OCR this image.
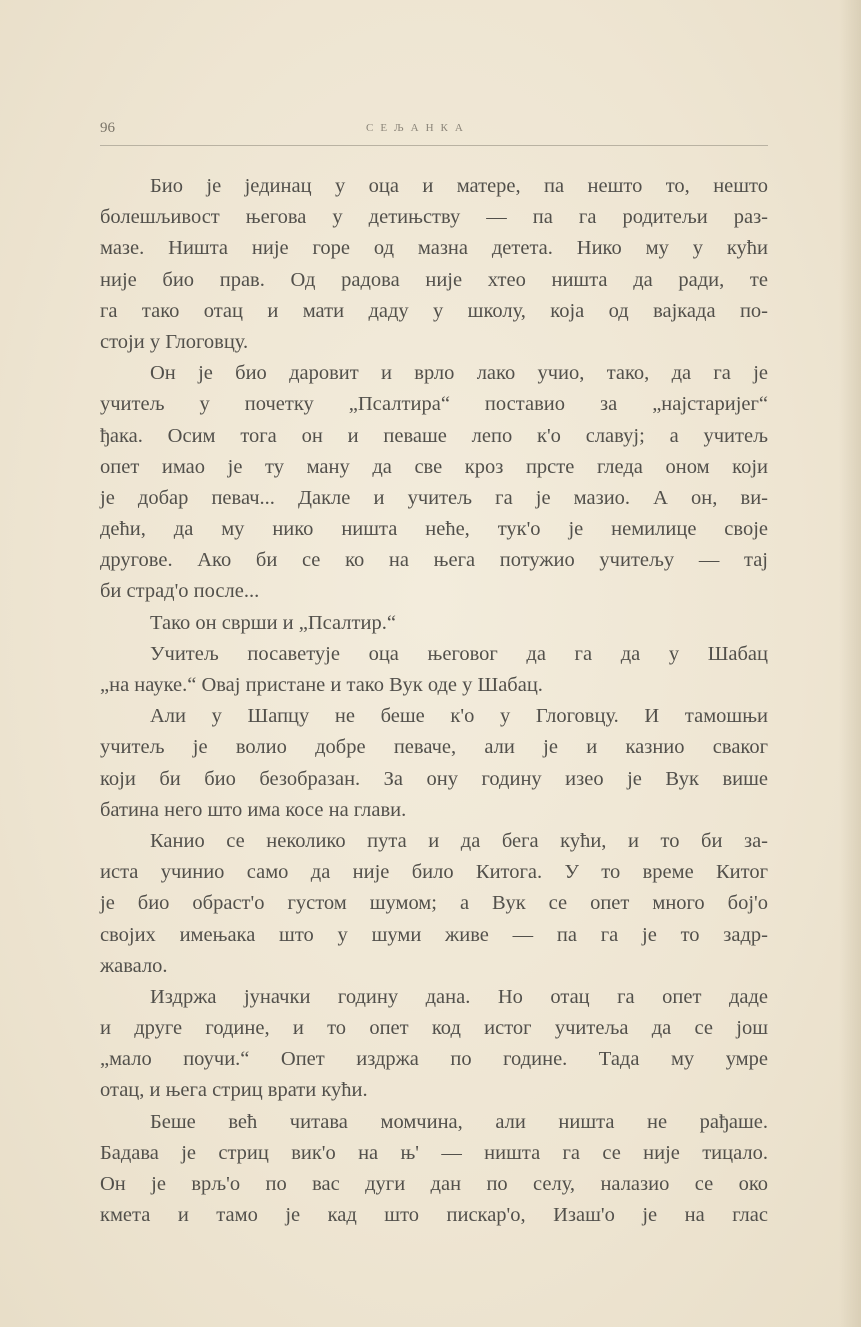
96	СЕЉАНКА
Био је јединац у оца и матере, па нешто то, нешто
болешљивост његова у детињству — па га родитељи раз-
мазе. Ништа није горе од мазна детета. Нико му у кући
није био прав. Од радова није хтео ништа да ради, те
га тако отац и мати даду у школу, која од вајкада по-
стоји у Глоговцу.
Он је био даровит и врло лако учио, тако, да га је
учитељ у почетку „Псалтира“ поставио за „најстаријег“
ђака. Осим тога он и певаше лепо к'о славуј; а учитељ
опет имао је ту ману да све кроз прсте гледа оном који
је добар певач... Дакле и учитељ га је мазио. А он, ви-
дећи, да му нико ништа неће, тук'о је немилице своје
другове. Ако би се ко на њега потужио учитељу — тај
би страд'о после...
Тако он сврши и „Псалтир.“
Учитељ посаветује оца његовог да га да у Шабац
„на науке.“ Овај пристане и тако Вук оде у Шабац.
Али у Шапцу не беше к'о у Глоговцу. И тамошњи
учитељ је волио добре певаче, али је и казнио сваког
који би био безобразан. За ону годину изео је Вук више
батина него што има косе на глави.
Канио се неколико пута и да бега кући, и то би за-
иста учинио само да није било Китога. У то време Китог
је био обраст'о густом шумом; а Вук се опет много бој'о
својих имењака што у шуми живе — па га је то задр-
жавало.
Издржа јуначки годину дана. Но отац га опет даде
и друге године, и то опет код истог учитеља да се још
„мало поучи.“ Опет издржа по године. Тада му умре
отац, и њега стриц врати кући.
Беше већ читава момчина, али ништа не рађаше.
Бадава је стриц вик'о на њ' — ништа га се није тицало.
Он је врљ'о по вас дуги дан по селу, налазио се око
кмета и тамо је кад што пискар'о, Изаш'о је на глас
